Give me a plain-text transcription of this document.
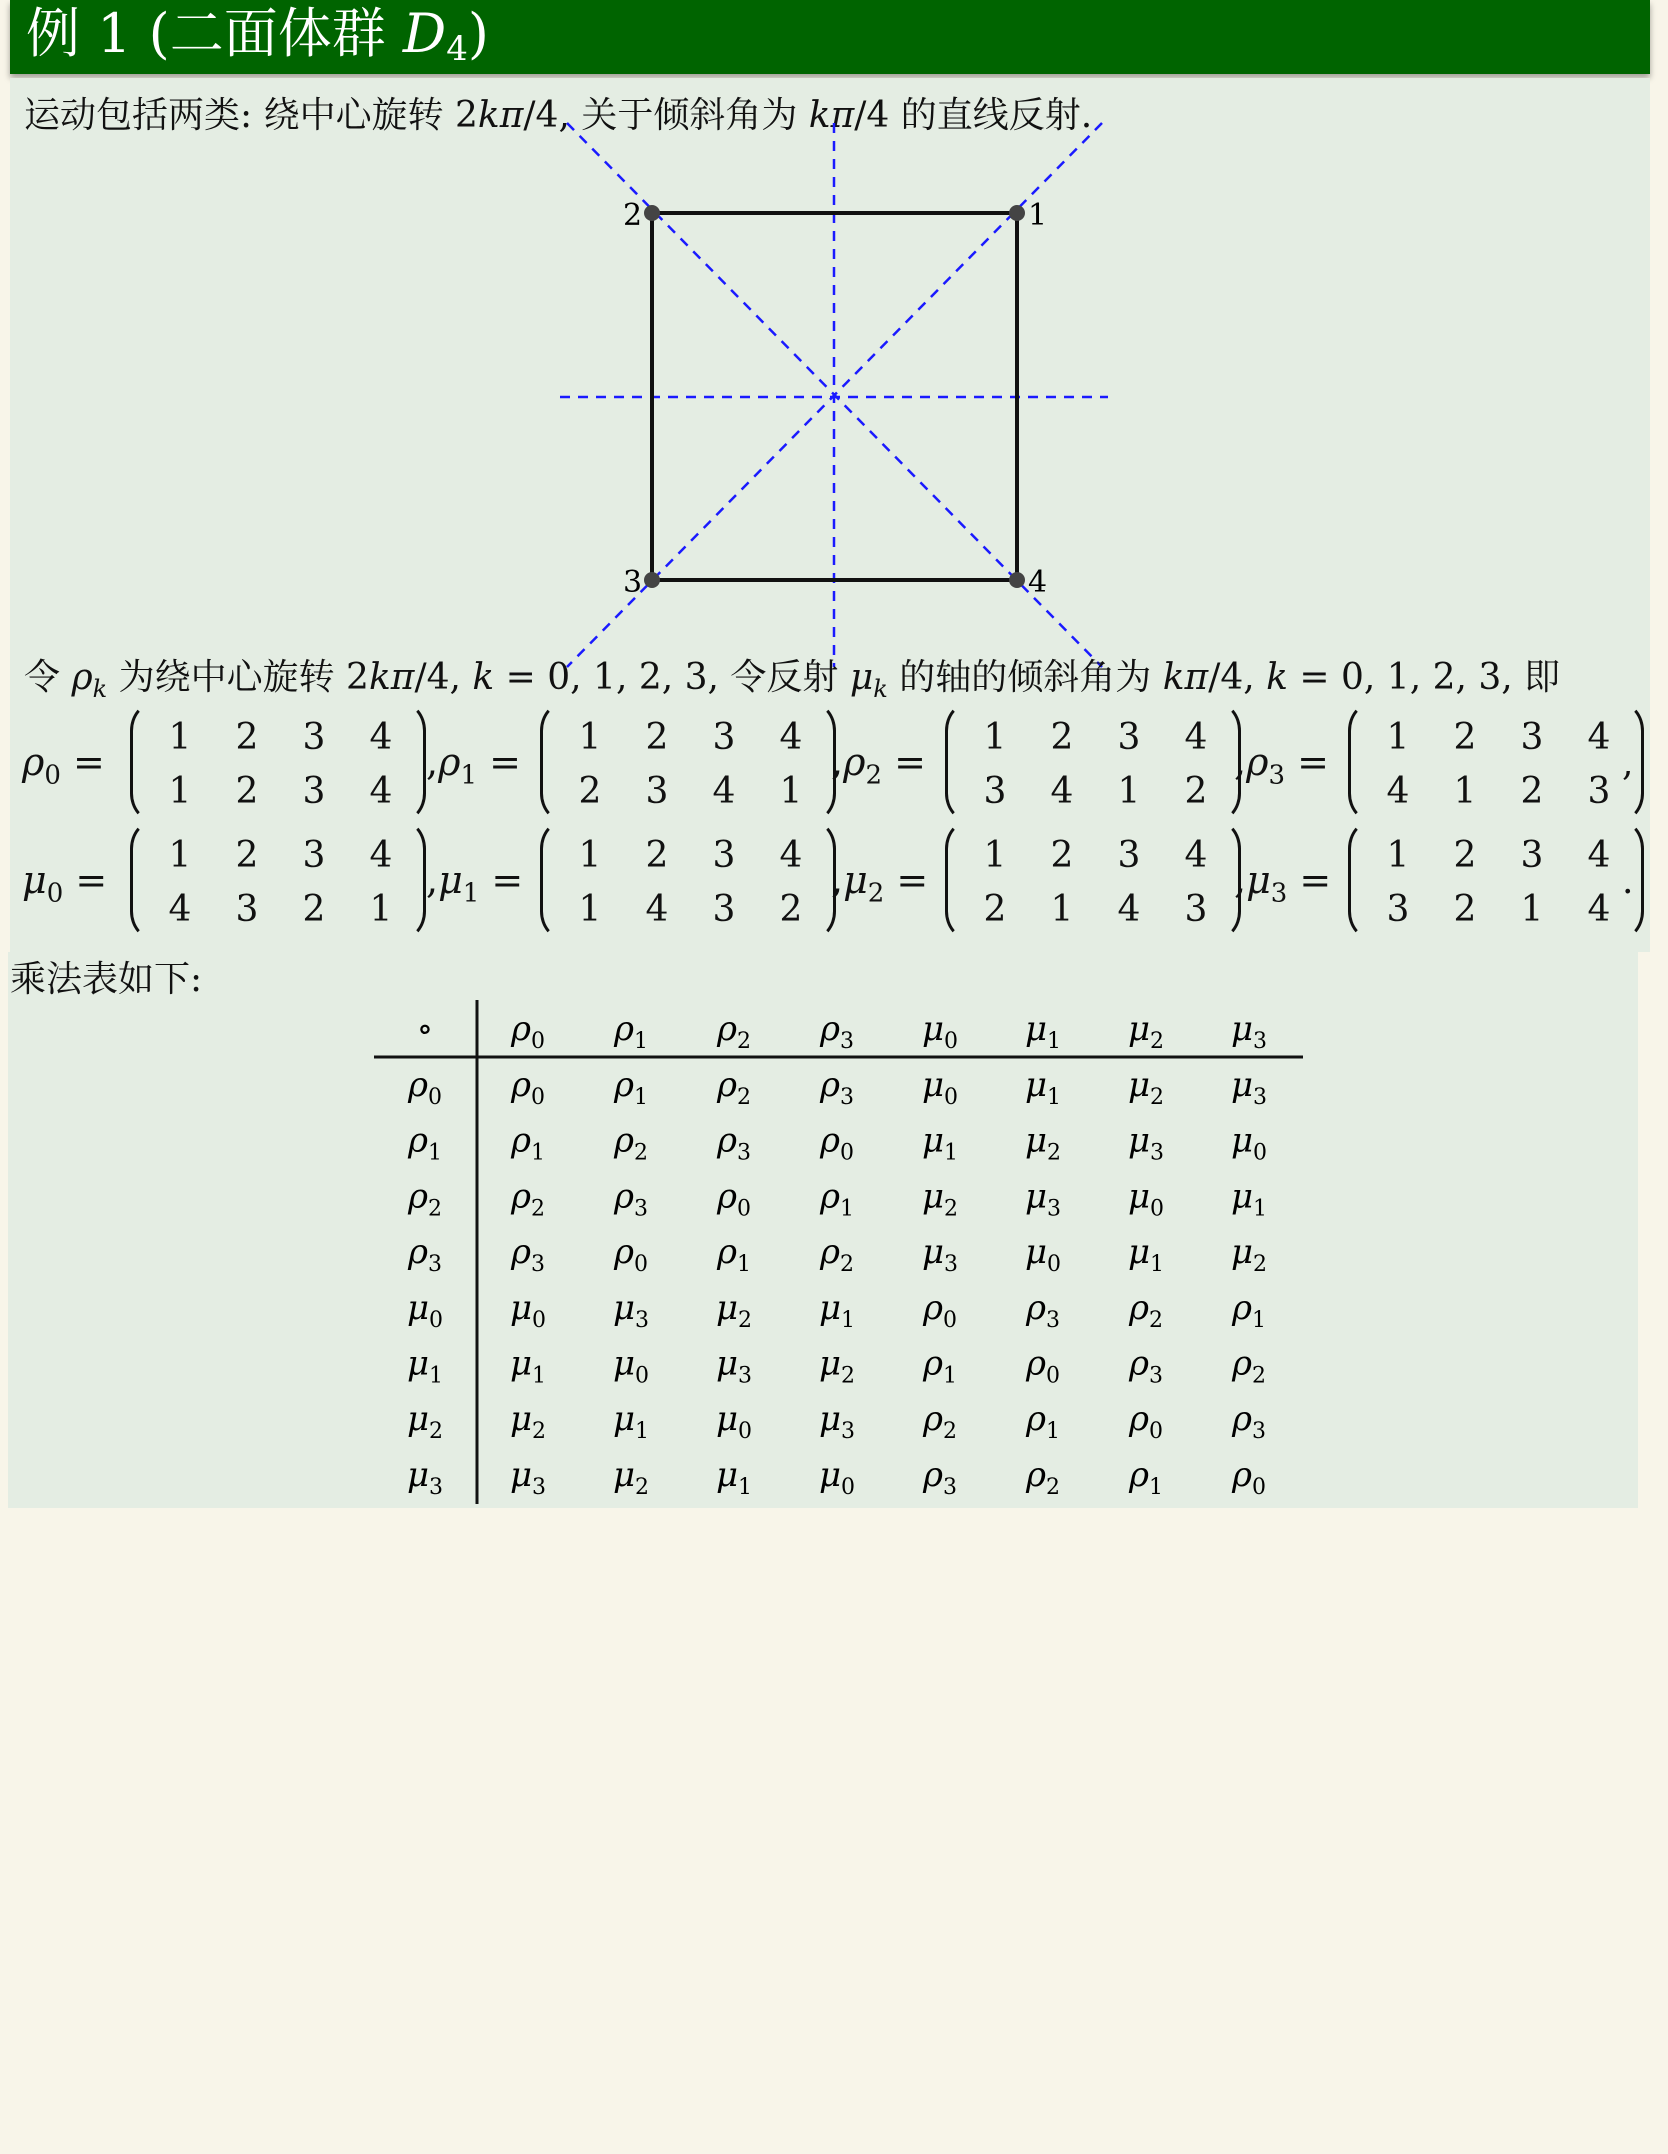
例 1 (二面体群 $D_4$)
运动包括两类: 绕中心旋转 2kπ/4, 关于倾斜角为 kπ/4 的直线反射.
1
2
3	4
令 $\rho_k$ 为绕中心旋转 2kπ/4, k = 0, 1, 2, 3, 令反射 $\mu_k$ 的轴的倾斜角为 kπ/4, k = 0, 1, 2, 3, 即
$\rho_0$ =
1 2 3 4
1 2 3 4
$,\rho_1$ =
1 2 3 4
2 3 4 1
$,\rho_2$ =
1 2 3 4
3 4 1 2
$,\rho_3$ =
1 2 3 4
4 1 2 3
,
$\mu_0$ =
1 2 3 4
4 3 2 1
$,\mu_1$ =
1 2 3 4
1 4 3 2
$,\mu_2$ =
1 2 3 4
2 1 4 3
$,\mu_3$ =
1 2 3 4
3 2 1 4
.
乘法表如下:
∘ $\rho_0$ $\rho_1$ $\rho_2$ $\rho_3$ $\mu_0$ $\mu_1$ $\mu_2$ $\mu_3$
$\rho_0$ $\rho_0$ $\rho_1$ $\rho_2$ $\rho_3$ $\mu_0$ $\mu_1$ $\mu_2$ $\mu_3$
$\rho_1$ $\rho_1$ $\rho_2$ $\rho_3$ $\rho_0$ $\mu_1$ $\mu_2$ $\mu_3$ $\mu_0$
$\rho_2$ $\rho_2$ $\rho_3$ $\rho_0$ $\rho_1$ $\mu_2$ $\mu_3$ $\mu_0$ $\mu_1$
$\rho_3$ $\rho_3$ $\rho_0$ $\rho_1$ $\rho_2$ $\mu_3$ $\mu_0$ $\mu_1$ $\mu_2$
$\mu_0$ $\mu_0$ $\mu_3$ $\mu_2$ $\mu_1$ $\rho_0$ $\rho_3$ $\rho_2$ $\rho_1$
$\mu_1$ $\mu_1$ $\mu_0$ $\mu_3$ $\mu_2$ $\rho_1$ $\rho_0$ $\rho_3$ $\rho_2$
$\mu_2$ $\mu_2$ $\mu_1$ $\mu_0$ $\mu_3$ $\rho_2$ $\rho_1$ $\rho_0$ $\rho_3$
$\mu_3$ $\mu_3$ $\mu_2$ $\mu_1$ $\mu_0$ $\rho_3$ $\rho_2$ $\rho_1$ $\rho_0$
